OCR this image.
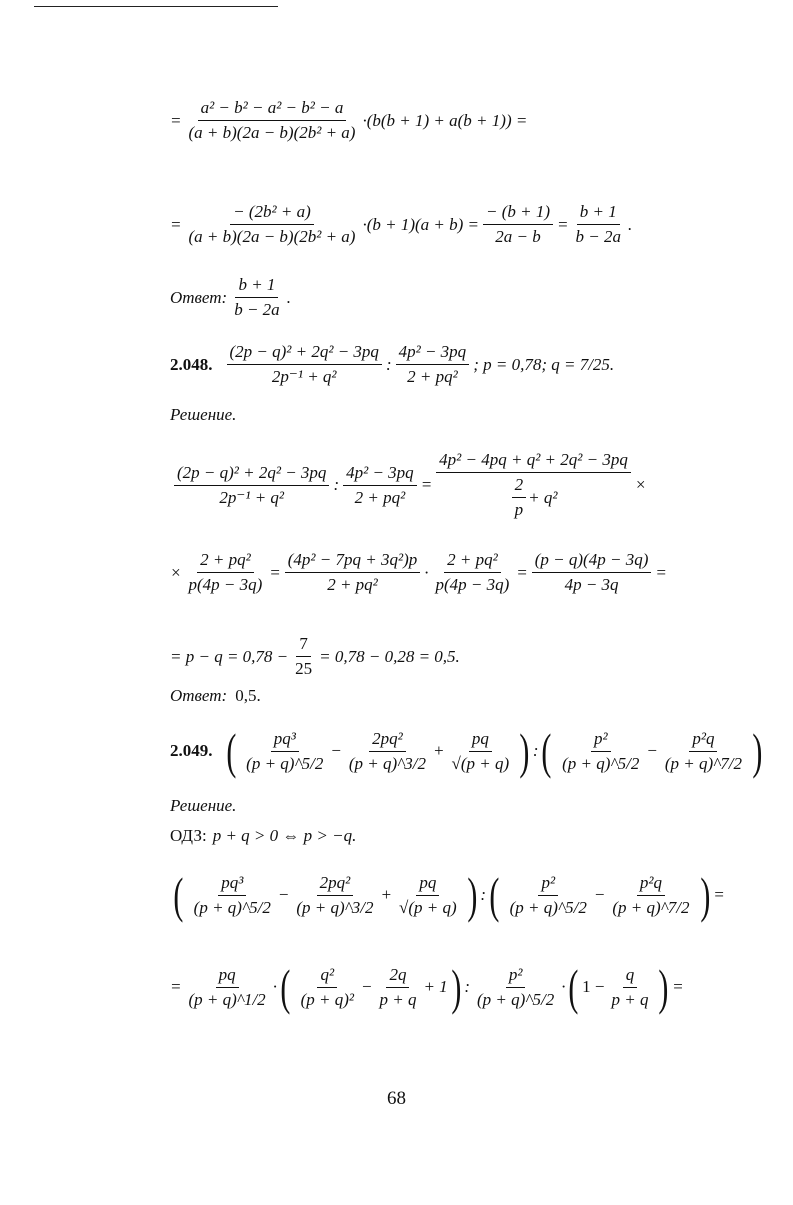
= $\frac{\text{a² − b² − a² − b² − a}}{\text{(a + b)(2a − b)(2b² + a)}} \cdot(b(b + 1) + a(b + 1))$ =
= $\frac{\text{− (2b² + a)}}{\text{(a + b)(2a − b)(2b² + a)}} \cdot(b + 1)(a + b) = \frac{- (b + 1)}{2a - b} = \frac{b + 1}{b - 2a}$ .
Ответ: $\frac{b + 1}{b - 2a}$ .
2.048. $\frac{\text{(2p − q)² + 2q² − 3pq}}{\text{2p⁻¹ + q²}}$ : $\frac{\text{4p² − 3pq}}{\text{2 + pq²}}$ ; p = 0,78; q = 7/25.
Решение.
$\frac{\text{(2p − q)² + 2q² − 3pq}}{\text{2p⁻¹ + q²}}$ : $\frac{\text{4p² − 3pq}}{\text{2 + pq²}} = \frac{\text{4p² − 4pq + q² + 2q² − 3pq}}{\frac{2}{p} + q^2}$ ×
× $\frac{\text{2 + pq²}}{p(4p - 3q)} = \frac{\text{(4p² − 7pq + 3q²)p}}{\text{2 + pq²}} \cdot \frac{\text{2 + pq²}}{p(4p - 3q)} = \frac{(p - q)(4p - 3q)}{4p - 3q}$ =
= $p - q = 0,78 - \frac{7}{25} = 0,78 - 0,28 = 0,5$.
Ответ: 0,5.
2.049. ( $\frac{\text{pq³}}{(p + q)\^{}5/2} - \frac{\text{2pq²}}{(p + q)\^{}3/2} + \frac{pq}{√(p + q)}$ ) : ( $\frac{\text{p²}}{(p + q)\^{}5/2} - \frac{\text{p²q}}{(p + q)\^{}7/2}$ )
Решение.
ОДЗ: p + q > 0 ⇔ p > −q.
( $\frac{\text{pq³}}{(p + q)\^{}5/2} - \frac{\text{2pq²}}{(p + q)\^{}3/2} + \frac{pq}{√(p + q)}$ ) : ( $\frac{\text{p²}}{(p + q)\^{}5/2} - \frac{\text{p²q}}{(p + q)\^{}7/2}$ ) =
= $\frac{pq}{(p + q)\^{}1/2}$ · ( $\frac{\text{q²}}{\text{(p + q)²}} - \frac{2q}{p + q} + 1$ ) : $\frac{\text{p²}}{(p + q)\^{}5/2}$ · ( $1 - \frac{q}{p + q}$ ) =
68
